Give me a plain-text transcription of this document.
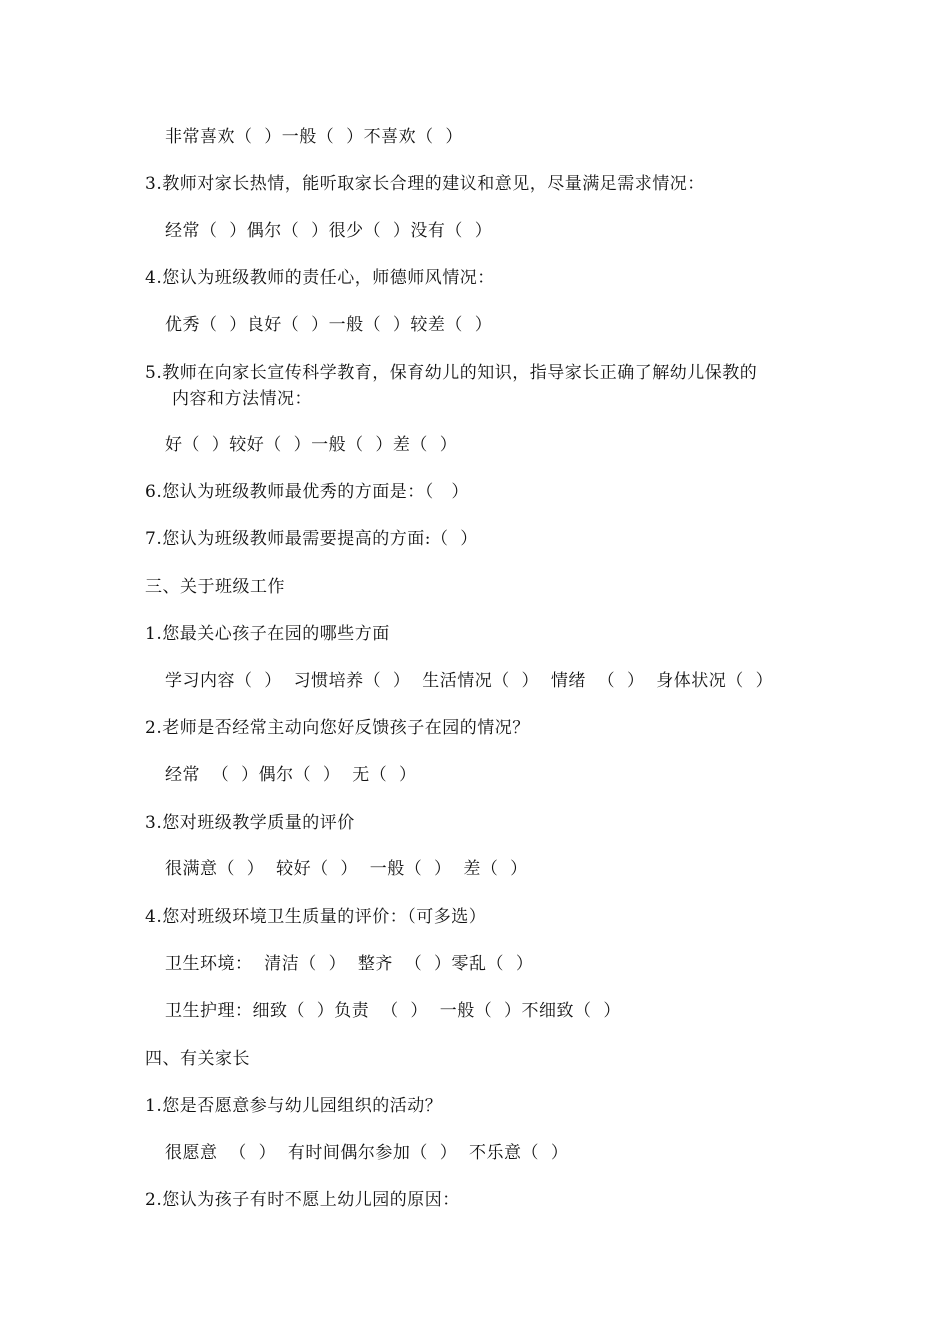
非常喜欢（  ）一般（  ）不喜欢（  ）
3.教师对家长热情，能听取家长合理的建议和意见，尽量满足需求情况：
经常（  ）偶尔（  ）很少（  ）没有（  ）
4.您认为班级教师的责任心，师德师风情况：
优秀（  ）良好（  ）一般（  ）较差（  ）
5.教师在向家长宣传科学教育，保育幼儿的知识，指导家长正确了解幼儿保教的
内容和方法情况：
好（  ）较好（  ）一般（  ）差（  ）
6.您认为班级教师最优秀的方面是：（   ）
7.您认为班级教师最需要提高的方面:（  ）
三、关于班级工作
1.您最关心孩子在园的哪些方面
学习内容（  ）  习惯培养（  ）  生活情况（  ）  情绪  （  ）  身体状况（  ）
2.老师是否经常主动向您好反馈孩子在园的情况？
经常  （  ）偶尔（  ）  无（  ）
3.您对班级教学质量的评价
很满意（  ）  较好（  ）  一般（  ）  差（  ）
4.您对班级环境卫生质量的评价：（可多选）
卫生环境：  清洁（  ）  整齐  （  ）零乱（  ）
卫生护理：细致（  ）负责  （  ）  一般（  ）不细致（  ）
四、有关家长
1.您是否愿意参与幼儿园组织的活动？
很愿意  （  ）  有时间偶尔参加（  ）  不乐意（  ）
2.您认为孩子有时不愿上幼儿园的原因：
